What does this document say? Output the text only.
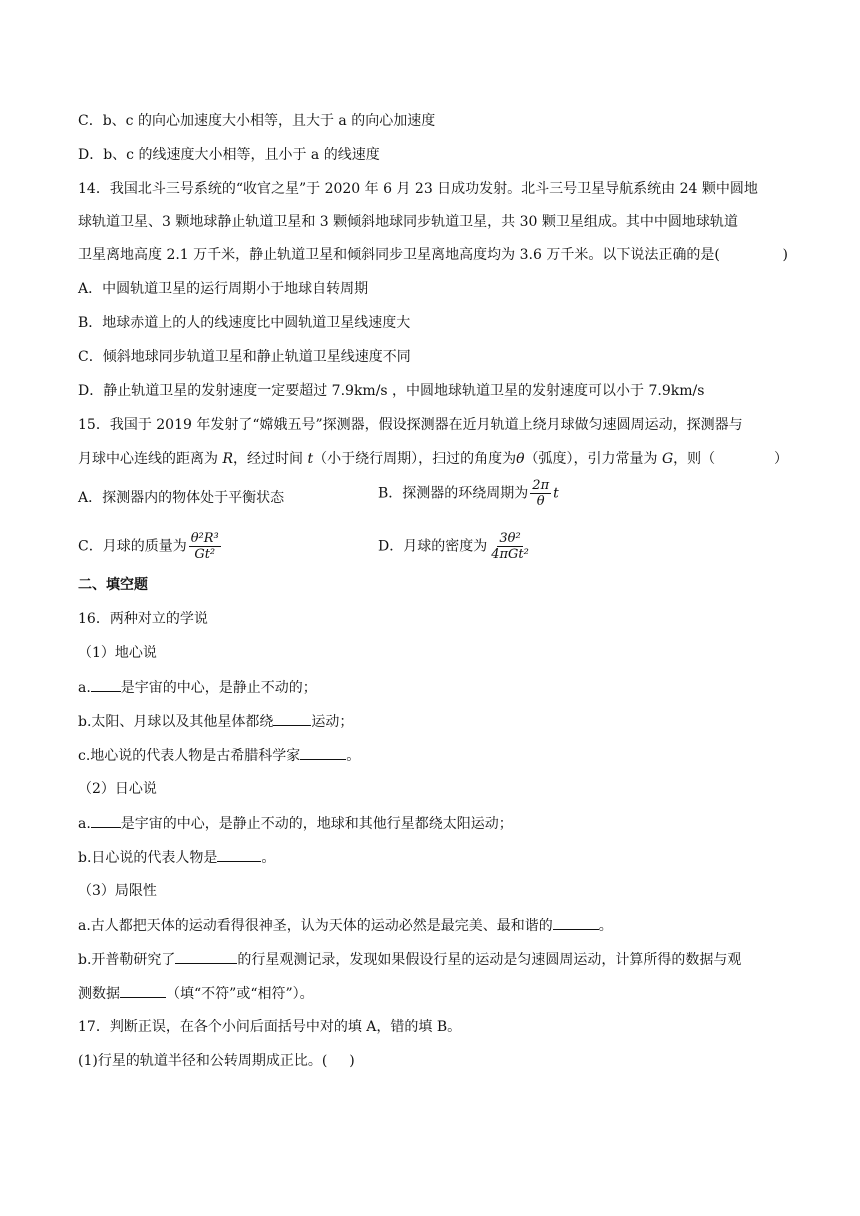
C．b、c 的向心加速度大小相等，且大于 a 的向心加速度
D．b、c 的线速度大小相等，且小于 a 的线速度
14．我国北斗三号系统的“收官之星”于 2020 年 6 月 23 日成功发射。北斗三号卫星导航系统由 24 颗中圆地
球轨道卫星、3 颗地球静止轨道卫星和 3 颗倾斜地球同步轨道卫星，共 30 颗卫星组成。其中中圆地球轨道
卫星离地高度 2.1 万千米，静止轨道卫星和倾斜同步卫星离地高度均为 3.6 万千米。以下说法正确的是(	)
A．中圆轨道卫星的运行周期小于地球自转周期
B．地球赤道上的人的线速度比中圆轨道卫星线速度大
C．倾斜地球同步轨道卫星和静止轨道卫星线速度不同
D．静止轨道卫星的发射速度一定要超过 7.9km/s ，中圆地球轨道卫星的发射速度可以小于 7.9km/s
15．我国于 2019 年发射了“嫦娥五号”探测器，假设探测器在近月轨道上绕月球做匀速圆周运动，探测器与
月球中心连线的距离为 R，经过时间 t（小于绕行周期），扫过的角度为θ（弧度），引力常量为 G，则（	）
A．探测器内的物体处于平衡状态	B．探测器的环绕周期为 $\frac{2\pi}{\theta}$ t
C．月球的质量为 $\frac{\text{θ²R³}}{\text{Gt²}}$	D．月球的密度为 $\frac{\text{3θ²}}{\text{4πGt²}}$
二、填空题
16．两种对立的学说
（1）地心说
a. 是宇宙的中心，是静止不动的；
b.太阳、月球以及其他星体都绕	运动；
c.地心说的代表人物是古希腊科学家	。
（2）日心说
a. 是宇宙的中心，是静止不动的，地球和其他行星都绕太阳运动；
b.日心说的代表人物是	。
（3）局限性
a.古人都把天体的运动看得很神圣，认为天体的运动必然是最完美、最和谐的	。
b.开普勒研究了	的行星观测记录，发现如果假设行星的运动是匀速圆周运动，计算所得的数据与观
测数据	（填“不符”或“相符”）。
17．判断正误，在各个小问后面括号中对的填 A，错的填 B。
(1)行星的轨道半径和公转周期成正比。( )
